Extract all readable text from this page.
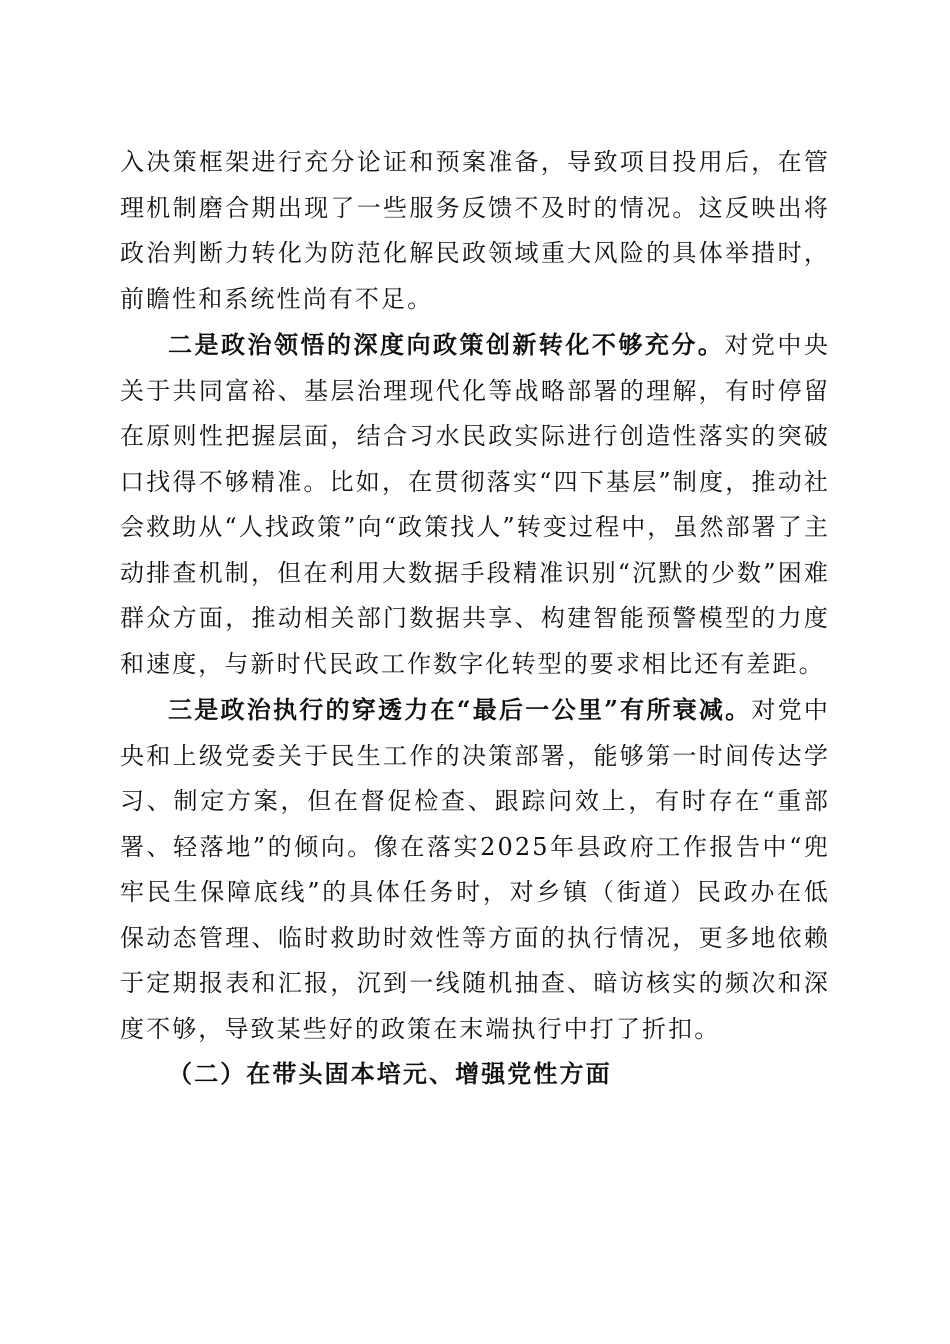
入决策框架进行充分论证和预案准备，导致项目投用后，在管理机制磨合期出现了一些服务反馈不及时的情况。这反映出将政治判断力转化为防范化解民政领域重大风险的具体举措时，前瞻性和系统性尚有不足。

二是政治领悟的深度向政策创新转化不够充分。对党中央关于共同富裕、基层治理现代化等战略部署的理解，有时停留在原则性把握层面，结合习水民政实际进行创造性落实的突破口找得不够精准。比如，在贯彻落实“四下基层”制度，推动社会救助从“人找政策”向“政策找人”转变过程中，虽然部署了主动排查机制，但在利用大数据手段精准识别“沉默的少数”困难群众方面，推动相关部门数据共享、构建智能预警模型的力度和速度，与新时代民政工作数字化转型的要求相比还有差距。

三是政治执行的穿透力在“最后一公里”有所衰减。对党中央和上级党委关于民生工作的决策部署，能够第一时间传达学习、制定方案，但在督促检查、跟踪问效上，有时存在“重部署、轻落地”的倾向。像在落实2025年县政府工作报告中“兜牢民生保障底线”的具体任务时，对乡镇（街道）民政办在低保动态管理、临时救助时效性等方面的执行情况，更多地依赖于定期报表和汇报，沉到一线随机抽查、暗访核实的频次和深度不够，导致某些好的政策在末端执行中打了折扣。

（二）在带头固本培元、增强党性方面
